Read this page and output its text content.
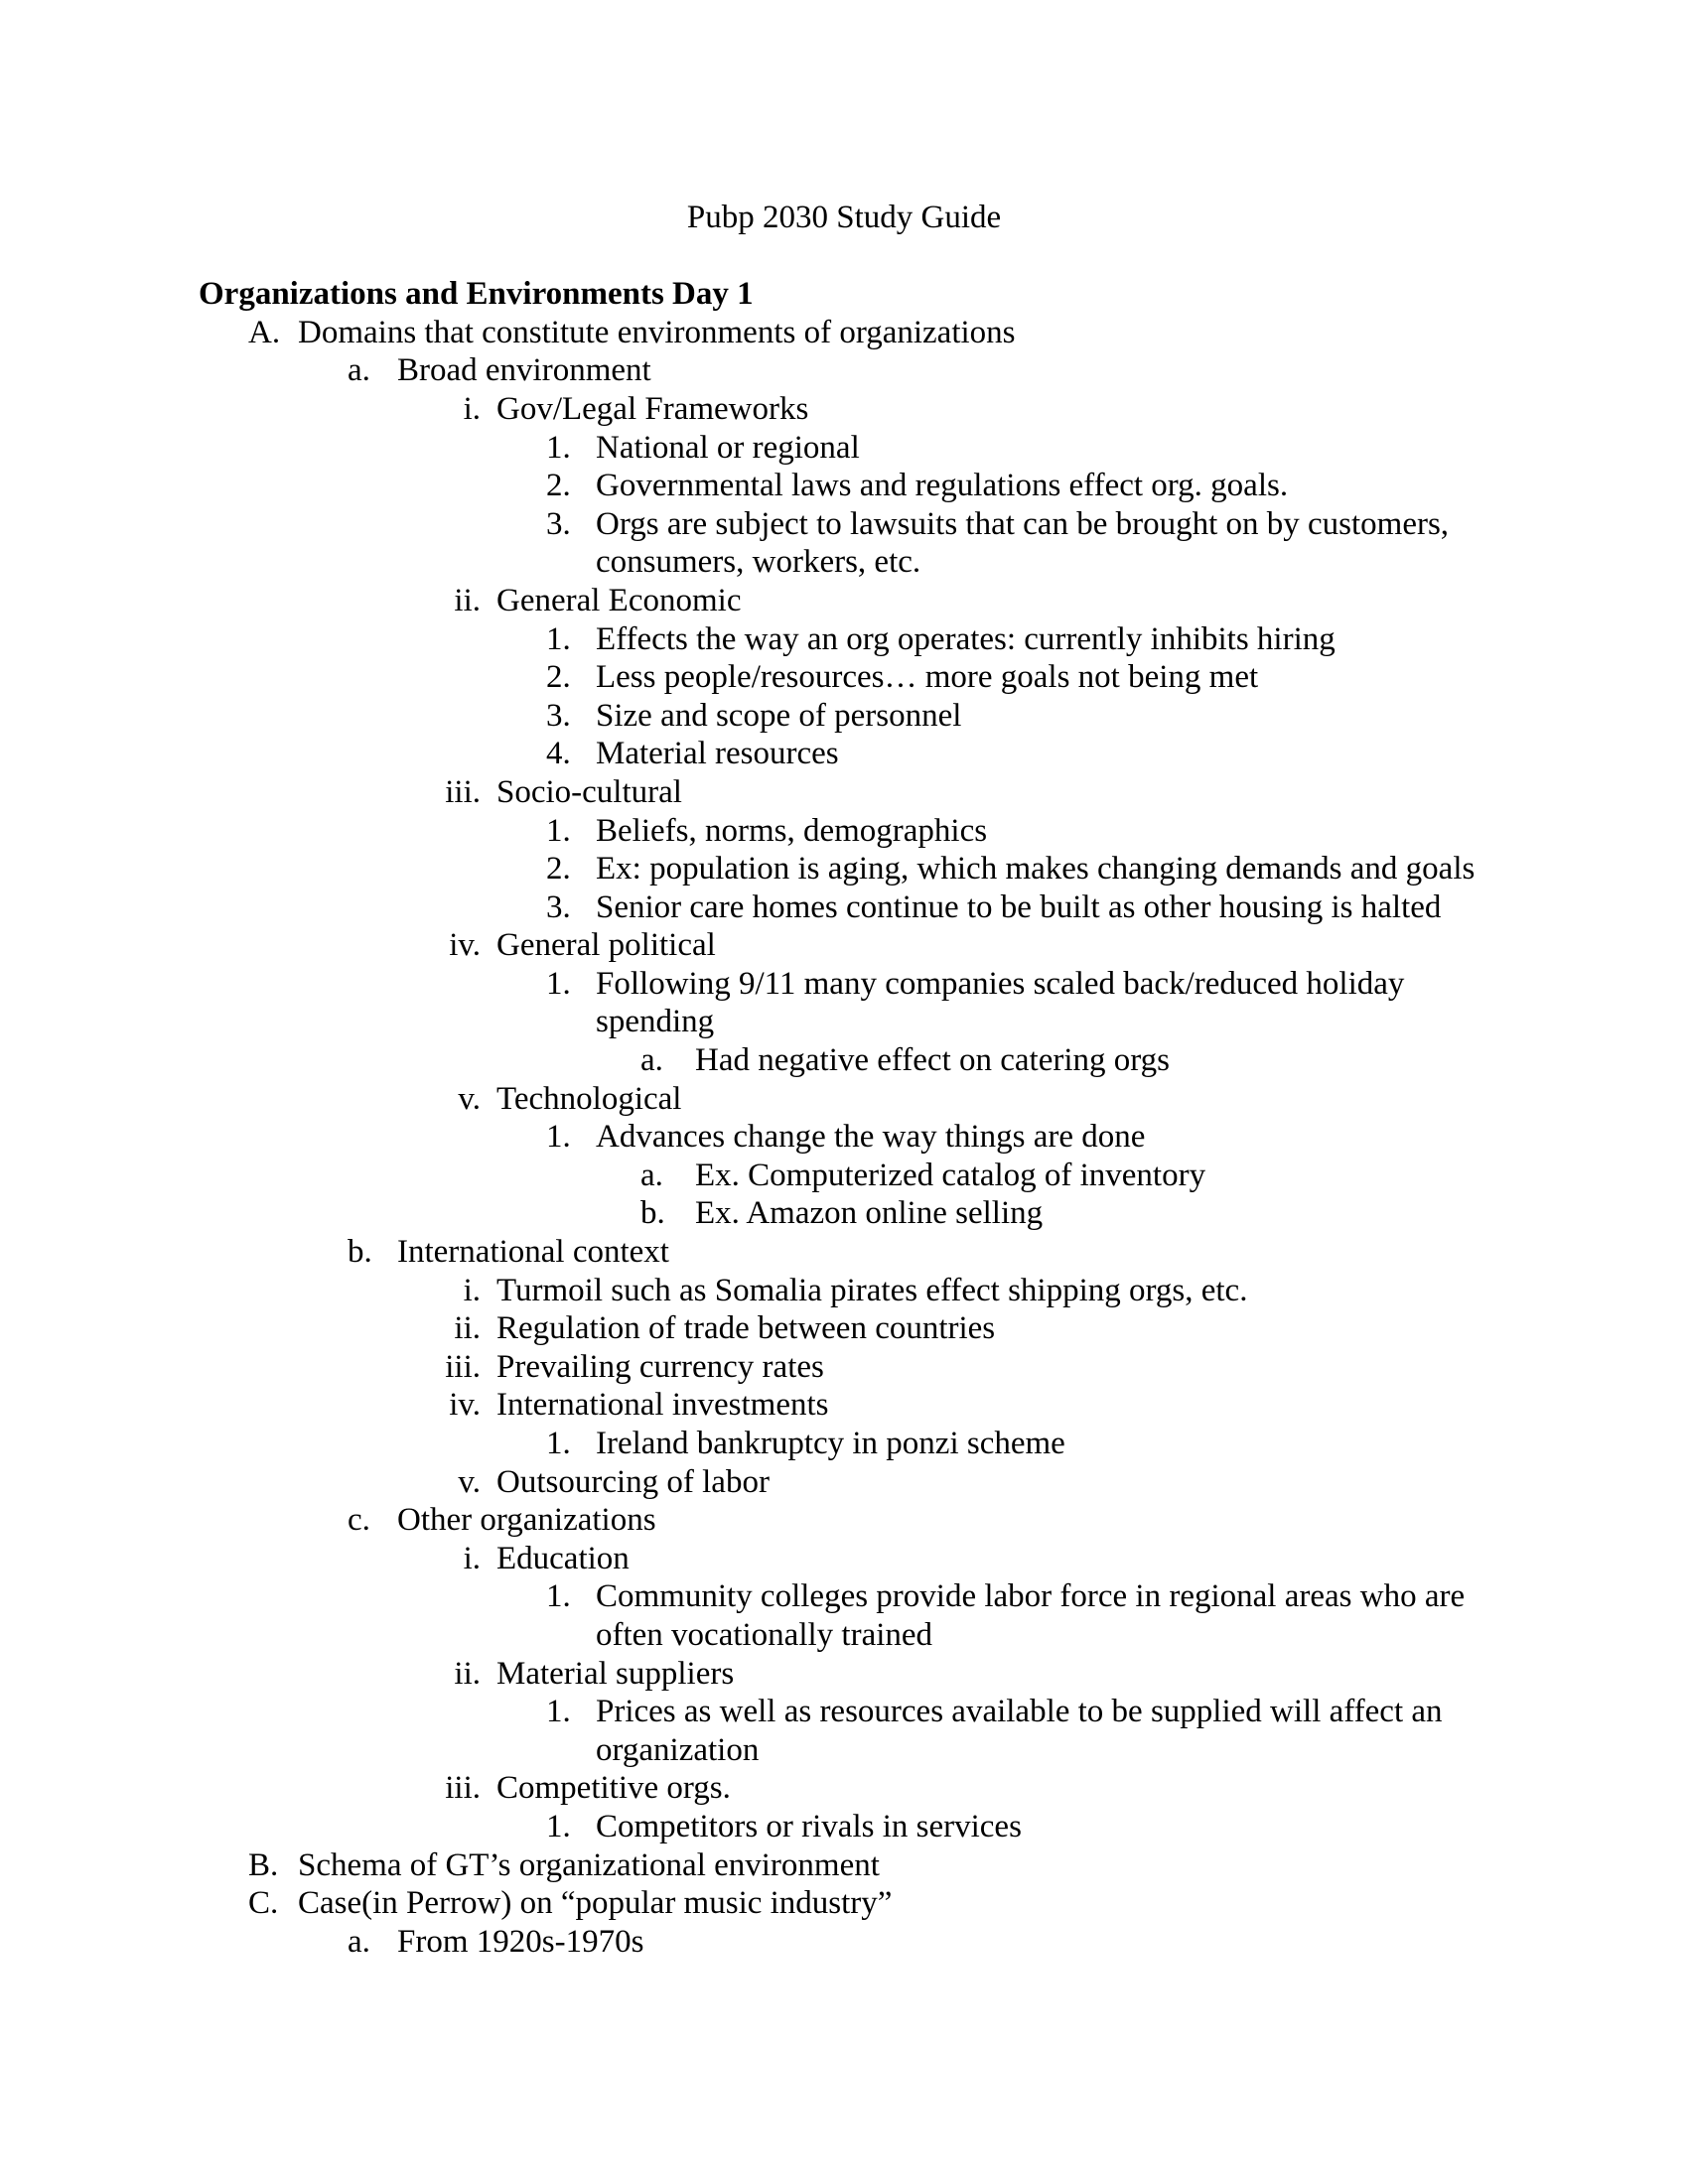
Pubp 2030 Study Guide
Organizations and Environments Day 1
A. Domains that constitute environments of organizations
a. Broad environment
i. Gov/Legal Frameworks
1. National or regional
2. Governmental laws and regulations effect org. goals.
3. Orgs are subject to lawsuits that can be brought on by customers, consumers, workers, etc.
ii. General Economic
1. Effects the way an org operates: currently inhibits hiring
2. Less people/resources… more goals not being met
3. Size and scope of personnel
4. Material resources
iii. Socio-cultural
1. Beliefs, norms, demographics
2. Ex: population is aging, which makes changing demands and goals
3. Senior care homes continue to be built as other housing is halted
iv. General political
1. Following 9/11 many companies scaled back/reduced holiday spending
a. Had negative effect on catering orgs
v. Technological
1. Advances change the way things are done
a. Ex. Computerized catalog of inventory
b. Ex. Amazon online selling
b. International context
i. Turmoil such as Somalia pirates effect shipping orgs, etc.
ii. Regulation of trade between countries
iii. Prevailing currency rates
iv. International investments
1. Ireland bankruptcy in ponzi scheme
v. Outsourcing of labor
c. Other organizations
i. Education
1. Community colleges provide labor force in regional areas who are often vocationally trained
ii. Material suppliers
1. Prices as well as resources available to be supplied will affect an organization
iii. Competitive orgs.
1. Competitors or rivals in services
B. Schema of GT’s organizational environment
C. Case(in Perrow) on “popular music industry”
a. From 1920s-1970s
